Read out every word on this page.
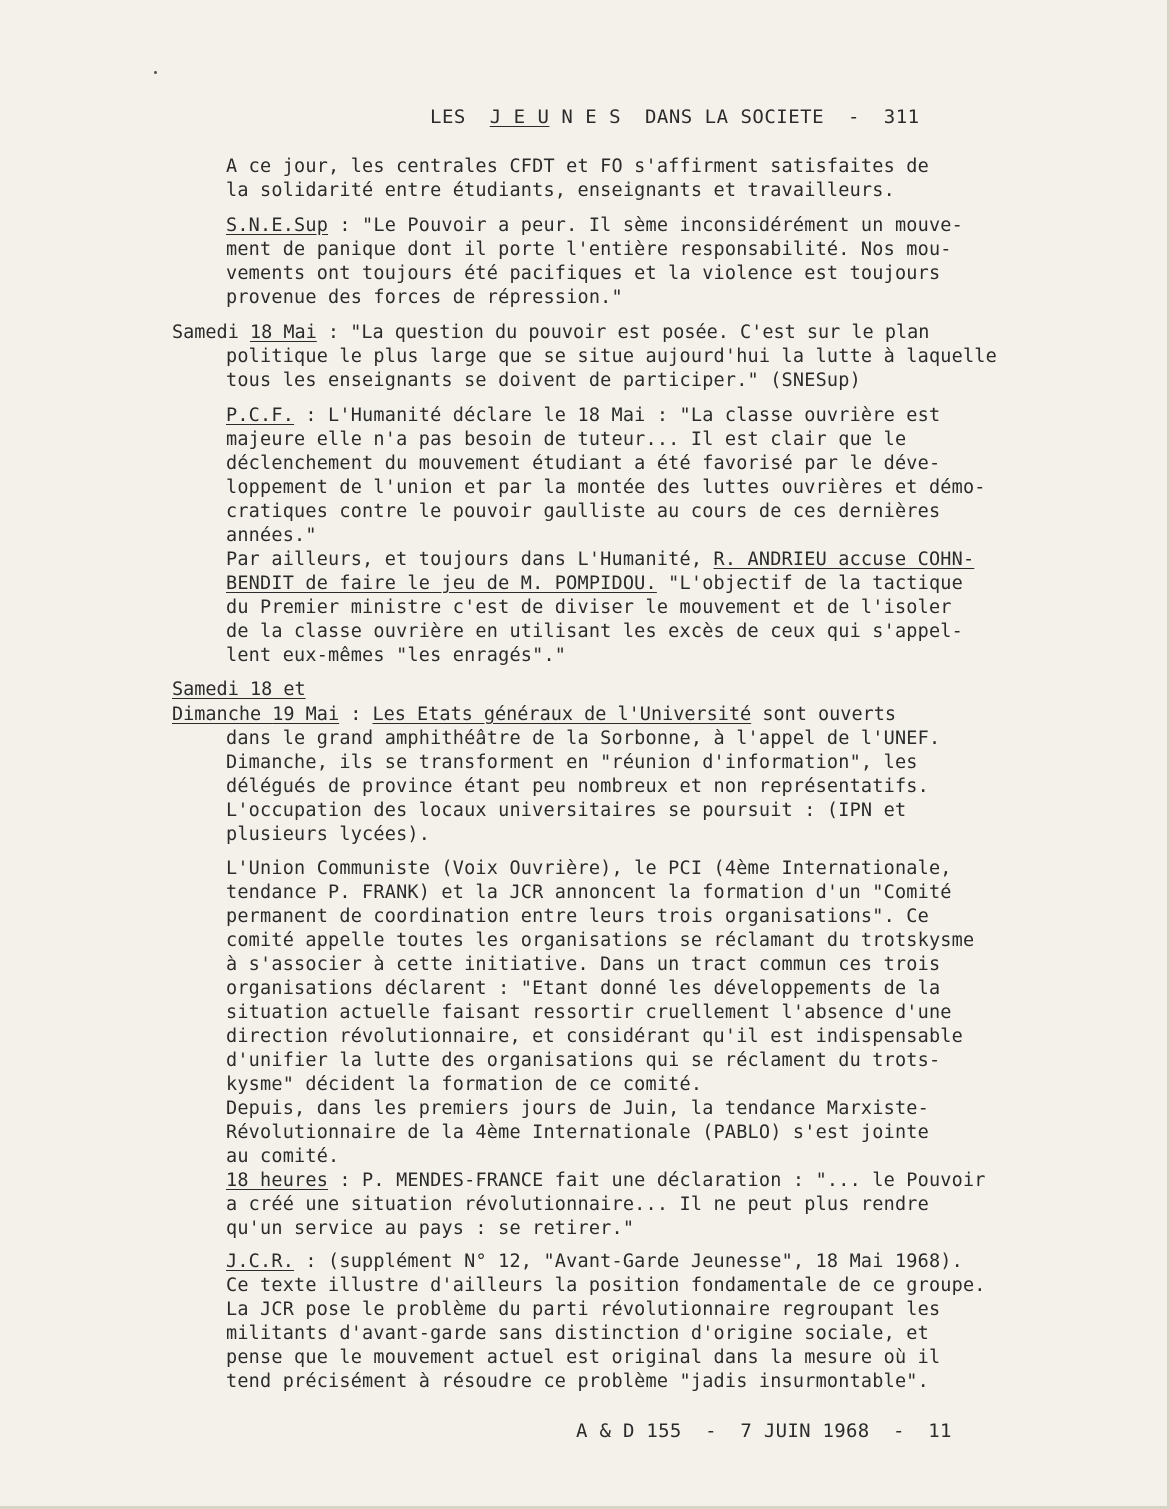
LES J E U N E S DANS LA SOCIETE - 311
A ce jour, les centrales CFDT et FO s'affirment satisfaites de
la solidarité entre étudiants, enseignants et travailleurs.
S.N.E.Sup : "Le Pouvoir a peur. Il sème inconsidérément un mouve-
ment de panique dont il porte l'entière responsabilité. Nos mou-
vements ont toujours été pacifiques et la violence est toujours
provenue des forces de répression."
Samedi 18 Mai : "La question du pouvoir est posée. C'est sur le plan
politique le plus large que se situe aujourd'hui la lutte à laquelle
tous les enseignants se doivent de participer." (SNESup)
P.C.F. : L'Humanité déclare le 18 Mai : "La classe ouvrière est
majeure elle n'a pas besoin de tuteur... Il est clair que le
déclenchement du mouvement étudiant a été favorisé par le déve-
loppement de l'union et par la montée des luttes ouvrières et démo-
cratiques contre le pouvoir gaulliste au cours de ces dernières
années."
Par ailleurs, et toujours dans L'Humanité, R. ANDRIEU accuse COHN-
BENDIT de faire le jeu de M. POMPIDOU. "L'objectif de la tactique
du Premier ministre c'est de diviser le mouvement et de l'isoler
de la classe ouvrière en utilisant les excès de ceux qui s'appel-
lent eux-mêmes "les enragés"."
Samedi 18 et
Dimanche 19 Mai : Les Etats généraux de l'Université sont ouverts
dans le grand amphithéâtre de la Sorbonne, à l'appel de l'UNEF.
Dimanche, ils se transforment en "réunion d'information", les
délégués de province étant peu nombreux et non représentatifs.
L'occupation des locaux universitaires se poursuit : (IPN et
plusieurs lycées).
L'Union Communiste (Voix Ouvrière), le PCI (4ème Internationale,
tendance P. FRANK) et la JCR annoncent la formation d'un "Comité
permanent de coordination entre leurs trois organisations". Ce
comité appelle toutes les organisations se réclamant du trotskysme
à s'associer à cette initiative. Dans un tract commun ces trois
organisations déclarent : "Etant donné les développements de la
situation actuelle faisant ressortir cruellement l'absence d'une
direction révolutionnaire, et considérant qu'il est indispensable
d'unifier la lutte des organisations qui se réclament du trots-
kysme" décident la formation de ce comité.
Depuis, dans les premiers jours de Juin, la tendance Marxiste-
Révolutionnaire de la 4ème Internationale (PABLO) s'est jointe
au comité.
18 heures : P. MENDES-FRANCE fait une déclaration : "... le Pouvoir
a créé une situation révolutionnaire... Il ne peut plus rendre
qu'un service au pays : se retirer."
J.C.R. : (supplément N° 12, "Avant-Garde Jeunesse", 18 Mai 1968).
Ce texte illustre d'ailleurs la position fondamentale de ce groupe.
La JCR pose le problème du parti révolutionnaire regroupant les
militants d'avant-garde sans distinction d'origine sociale, et
pense que le mouvement actuel est original dans la mesure où il
tend précisément à résoudre ce problème "jadis insurmontable".
A & D 155 - 7 JUIN 1968 - 11
